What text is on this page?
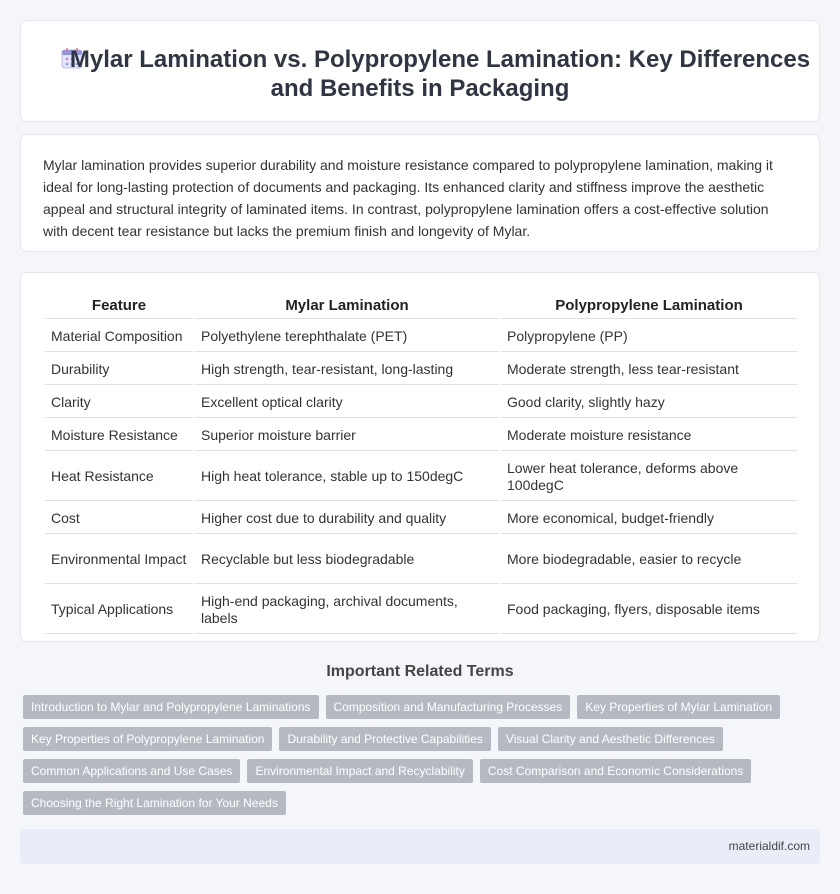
Mylar Lamination vs. Polypropylene Lamination: Key Differences
and Benefits in Packaging

Mylar lamination provides superior durability and moisture resistance compared to polypropylene lamination, making it ideal for long-lasting protection of documents and packaging. Its enhanced clarity and stiffness improve the aesthetic appeal and structural integrity of laminated items. In contrast, polypropylene lamination offers a cost-effective solution with decent tear resistance but lacks the premium finish and longevity of Mylar.

Feature	Mylar Lamination	Polypropylene Lamination
Material Composition	Polyethylene terephthalate (PET)	Polypropylene (PP)
Durability	High strength, tear-resistant, long-lasting	Moderate strength, less tear-resistant
Clarity	Excellent optical clarity	Good clarity, slightly hazy
Moisture Resistance	Superior moisture barrier	Moderate moisture resistance
Heat Resistance	High heat tolerance, stable up to 150degC	Lower heat tolerance, deforms above 100degC
Cost	Higher cost due to durability and quality	More economical, budget-friendly
Environmental Impact	Recyclable but less biodegradable	More biodegradable, easier to recycle
Typical Applications	High-end packaging, archival documents, labels	Food packaging, flyers, disposable items
Important Related Terms
Introduction to Mylar and Polypropylene Laminations	Composition and Manufacturing Processes	Key Properties of Mylar Lamination
Key Properties of Polypropylene Lamination	Durability and Protective Capabilities	Visual Clarity and Aesthetic Differences
Common Applications and Use Cases	Environmental Impact and Recyclability	Cost Comparison and Economic Considerations
Choosing the Right Lamination for Your Needs
materialdif.com
